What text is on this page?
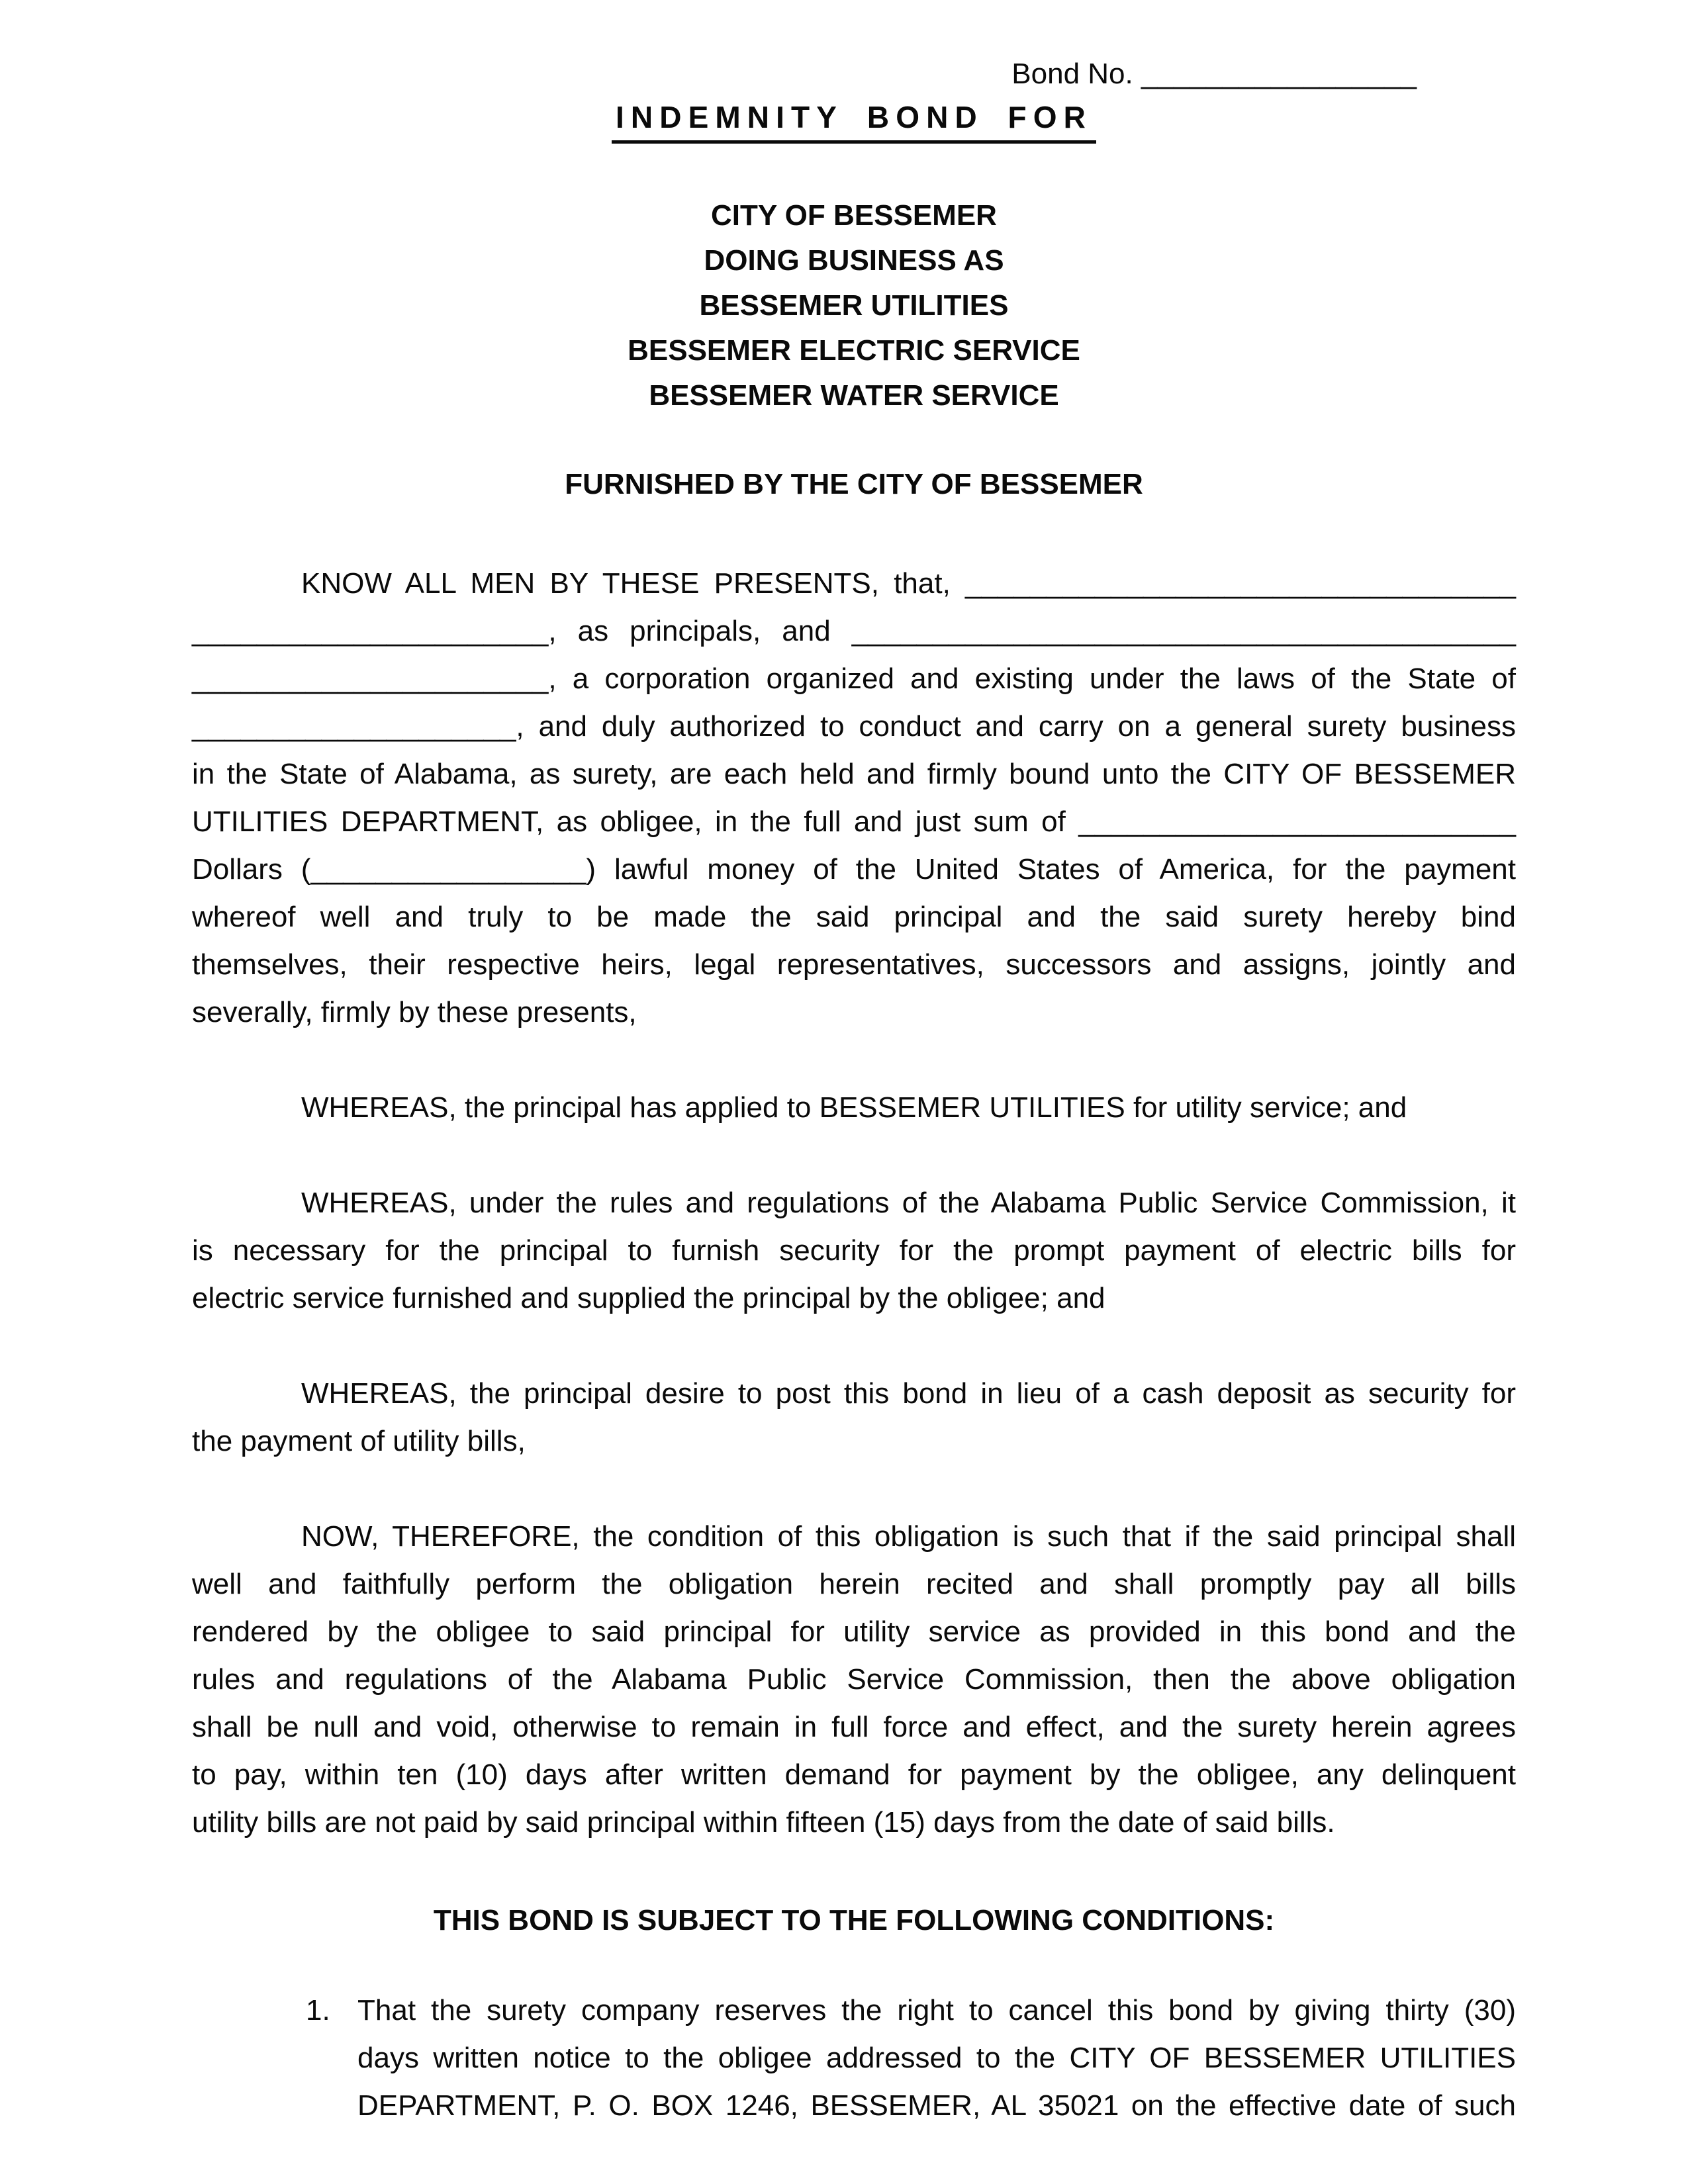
Bond No. _________________
INDEMNITY BOND FOR
CITY OF BESSEMER
DOING BUSINESS AS
BESSEMER UTILITIES
BESSEMER ELECTRIC SERVICE
BESSEMER WATER SERVICE
FURNISHED BY THE CITY OF BESSEMER
KNOW ALL MEN BY THESE PRESENTS, that, __________________________________
______________________, as principals, and _________________________________________
______________________, a corporation organized and existing under the laws of the State of
____________________, and duly authorized to conduct and carry on a general surety business
in the State of Alabama, as surety, are each held and firmly bound unto the CITY OF BESSEMER
UTILITIES DEPARTMENT, as obligee, in the full and just sum of ___________________________
Dollars (_________________) lawful money of the United States of America, for the payment
whereof well and truly to be made the said principal and the said surety hereby bind
themselves, their respective heirs, legal representatives, successors and assigns, jointly and
severally, firmly by these presents,
WHEREAS, the principal has applied to BESSEMER UTILITIES for utility service; and
WHEREAS, under the rules and regulations of the Alabama Public Service Commission, it
is necessary for the principal to furnish security for the prompt payment of electric bills for
electric service furnished and supplied the principal by the obligee; and
WHEREAS, the principal desire to post this bond in lieu of a cash deposit as security for
the payment of utility bills,
NOW, THEREFORE, the condition of this obligation is such that if the said principal shall
well and faithfully perform the obligation herein recited and shall promptly pay all bills
rendered by the obligee to said principal for utility service as provided in this bond and the
rules and regulations of the Alabama Public Service Commission, then the above obligation
shall be null and void, otherwise to remain in full force and effect, and the surety herein agrees
to pay, within ten (10) days after written demand for payment by the obligee, any delinquent
utility bills are not paid by said principal within fifteen (15) days from the date of said bills.
THIS BOND IS SUBJECT TO THE FOLLOWING CONDITIONS:
1. That the surety company reserves the right to cancel this bond by giving thirty (30)
days written notice to the obligee addressed to the CITY OF BESSEMER UTILITIES
DEPARTMENT, P. O. BOX 1246, BESSEMER, AL 35021 on the effective date of such
